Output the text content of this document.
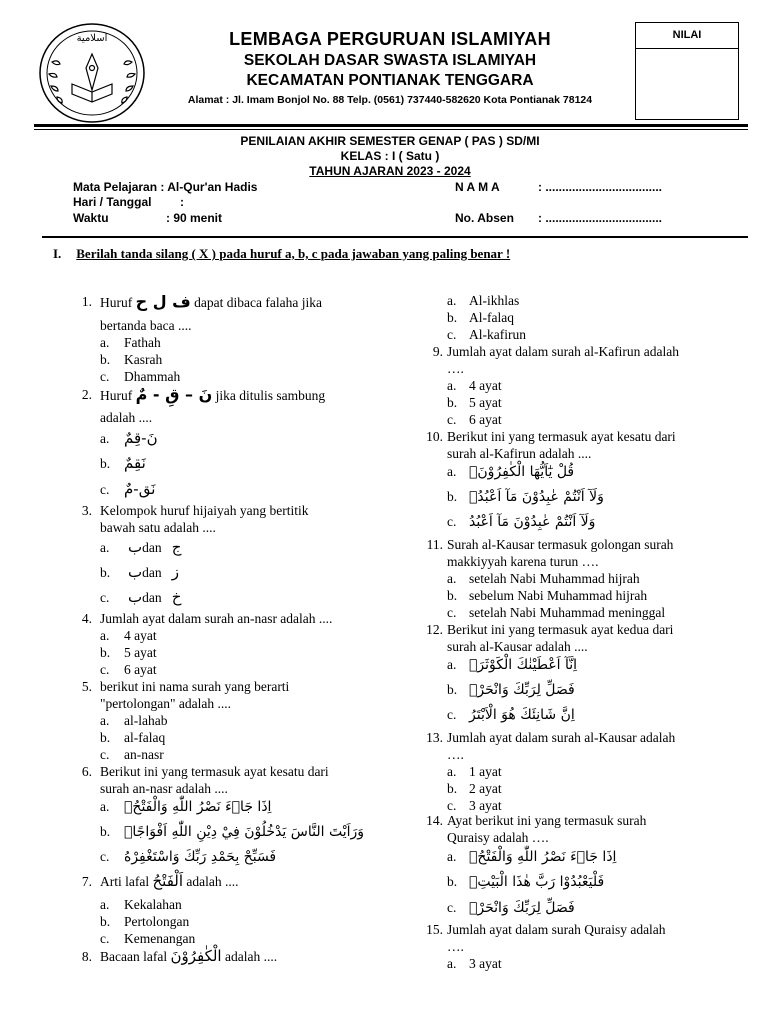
اسلامية	LEMBAGA PERGURUAN ISLAMIYAH
SEKOLAH DASAR SWASTA ISLAMIYAH
KECAMATAN PONTIANAK TENGGARA
Alamat : Jl. Imam Bonjol No. 88 Telp. (0561) 737440-582620 Kota Pontianak 78124
NILAI
PENILAIAN AKHIR SEMESTER GENAP ( PAS ) SD/MI
KELAS : I ( Satu )
TAHUN AJARAN 2023 - 2024
Mata Pelajaran : Al-Qur'an Hadis
Hari / Tanggal :
Waktu	: 90 menit
N A M A	: ...................................
No. Absen : ...................................
I. Berilah tanda silang ( X ) pada huruf a, b, c pada jawaban yang paling benar !
1. Huruf ف ل ح dapat dibaca falaha jika
bertanda baca ....
a.	Fathah
b.	Kasrah
c.	Dhammah
2. Huruf نَ – قِ - مٌ jika ditulis sambung
adalah ....
a. نَ-قِمٌ
b. نَقِمٌ
c. نَق-مٌ
3. Kelompok huruf hijaiyah yang bertitik
bawah satu adalah ....
a.	بdan ج
b.	بdan ز
c.	بdan خ
4. Jumlah ayat dalam surah an-nasr adalah ....
a.	4 ayat
b.	5 ayat
c.	6 ayat
5. berikut ini nama surah yang berarti
"pertolongan" adalah ....
a.	al-lahab
b.	al-falaq
c.	an-nasr
6. Berikut ini yang termasuk ayat kesatu dari
surah an-nasr adalah ....
a.	اِذَا جَاۤءَ نَصْرُ اللّٰهِ وَالْفَتْحُۙ
b. وَرَاَيْتَ النَّاسَ يَدْخُلُوْنَ فِيْ دِيْنِ اللّٰهِ اَفْوَاجًاۙ
c.	فَسَبِّحْ بِحَمْدِ رَبِّكَ وَاسْتَغْفِرْهُ
7. Arti lafal اَلْفَتْحُ adalah ....
a.	Kekalahan
b.	Pertolongan
c.	Kemenangan
8. Bacaan lafal الْكٰفِرُوْنَ adalah ....
a. Al-ikhlas
b. Al-falaq
c. Al-kafirun
9. Jumlah ayat dalam surah al-Kafirun adalah
….
a. 4 ayat
b. 5 ayat
c. 6 ayat
10. Berikut ini yang termasuk ayat kesatu dari
surah al-Kafirun adalah ....
a. قُلْ يٰٓاَيُّهَا الْكٰفِرُوْنَۙ
b. وَلَآ اَنْتُمْ عٰبِدُوْنَ مَآ اَعْبُدُۚ
c. وَلَآ اَنْتُمْ عٰبِدُوْنَ مَآ اَعْبُدُ
11. Surah al-Kausar termasuk golongan surah
makkiyyah karena turun ….
a. setelah Nabi Muhammad hijrah
b. sebelum Nabi Muhammad hijrah
c. setelah Nabi Muhammad meninggal
12. Berikut ini yang termasuk ayat kedua dari
surah al-Kausar adalah ....
a. اِنَّآ اَعْطَيْنٰكَ الْكَوْثَرَۗ
b. فَصَلِّ لِرَبِّكَ وَانْحَرْۗ
c. اِنَّ شَانِئَكَ هُوَ الْاَبْتَرُ
13. Jumlah ayat dalam surah al-Kausar adalah
….
a. 1 ayat
b. 2 ayat
c. 3 ayat
14. Ayat berikut ini yang termasuk surah
Quraisy adalah ….
a. اِذَا جَاۤءَ نَصْرُ اللّٰهِ وَالْفَتْحُۙ
b. فَلْيَعْبُدُوْا رَبَّ هٰذَا الْبَيْتِۙ
c. فَصَلِّ لِرَبِّكَ وَانْحَرْۗ
15. Jumlah ayat dalam surah Quraisy adalah
….
a. 3 ayat
